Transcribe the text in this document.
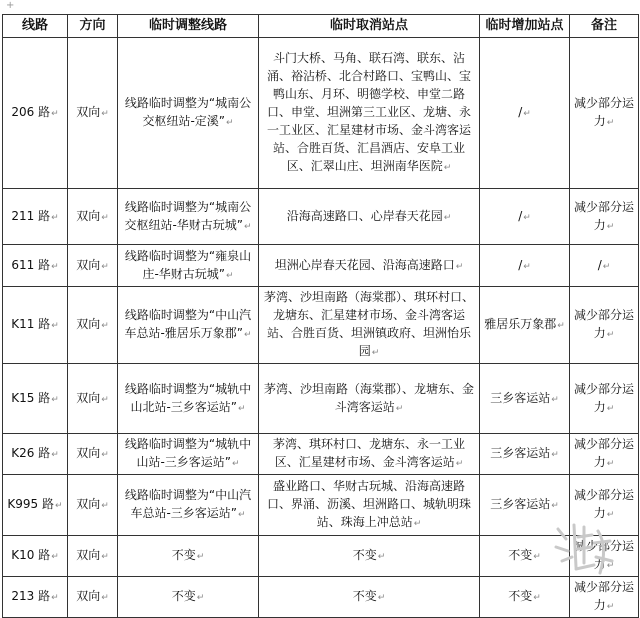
+
线路	方向	临时调整线路	临时取消站点	临时增加站点	备注
206 路↵	双向↵	线路临时调整为“城南公交枢纽站-定溪”↵	斗门大桥、马角、联石湾、联东、沾涌、裕沾桥、北合村路口、宝鸭山、宝鸭山东、月环、明德学校、申堂二路口、申堂、坦洲第三工业区、龙塘、永一工业区、汇星建材市场、金斗湾客运站、合胜百货、汇昌酒店、安阜工业区、汇翠山庄、坦洲南华医院↵	/↵	减少部分运力↵
211 路↵	双向↵	线路临时调整为“城南公交枢纽站-华财古玩城”↵	沿海高速路口、心岸春天花园↵	/↵	减少部分运力↵
611 路↵	双向↵	线路临时调整为“雍泉山庄-华财古玩城”↵	坦洲心岸春天花园、沿海高速路口↵	/↵	/↵
K11 路↵	双向↵	线路临时调整为“中山汽车总站-雅居乐万象郡”↵	茅湾、沙坦南路（海棠郡）、琪环村口、龙塘东、汇星建材市场、金斗湾客运站、合胜百货、坦洲镇政府、坦洲怡乐园↵	雅居乐万象郡↵	减少部分运力↵
K15 路↵	双向↵	线路临时调整为“城轨中山北站-三乡客运站”↵	茅湾、沙坦南路（海棠郡）、龙塘东、金斗湾客运站↵	三乡客运站↵	减少部分运力↵
K26 路↵	双向↵	线路临时调整为“城轨中山站-三乡客运站”↵	茅湾、琪环村口、龙塘东、永一工业区、汇星建材市场、金斗湾客运站↵	三乡客运站↵	减少部分运力↵
K995 路↵	双向↵	线路临时调整为“中山汽车总站-三乡客运站”↵	盛业路口、华财古玩城、沿海高速路口、界涌、沥溪、坦洲路口、城轨明珠站、珠海上冲总站↵	三乡客运站↵	减少部分运力↵
K10 路↵	双向↵	不变↵	不变↵	不变↵	减少部分运力↵
213 路↵	双向↵	不变↵	不变↵	不变↵	减少部分运力↵
